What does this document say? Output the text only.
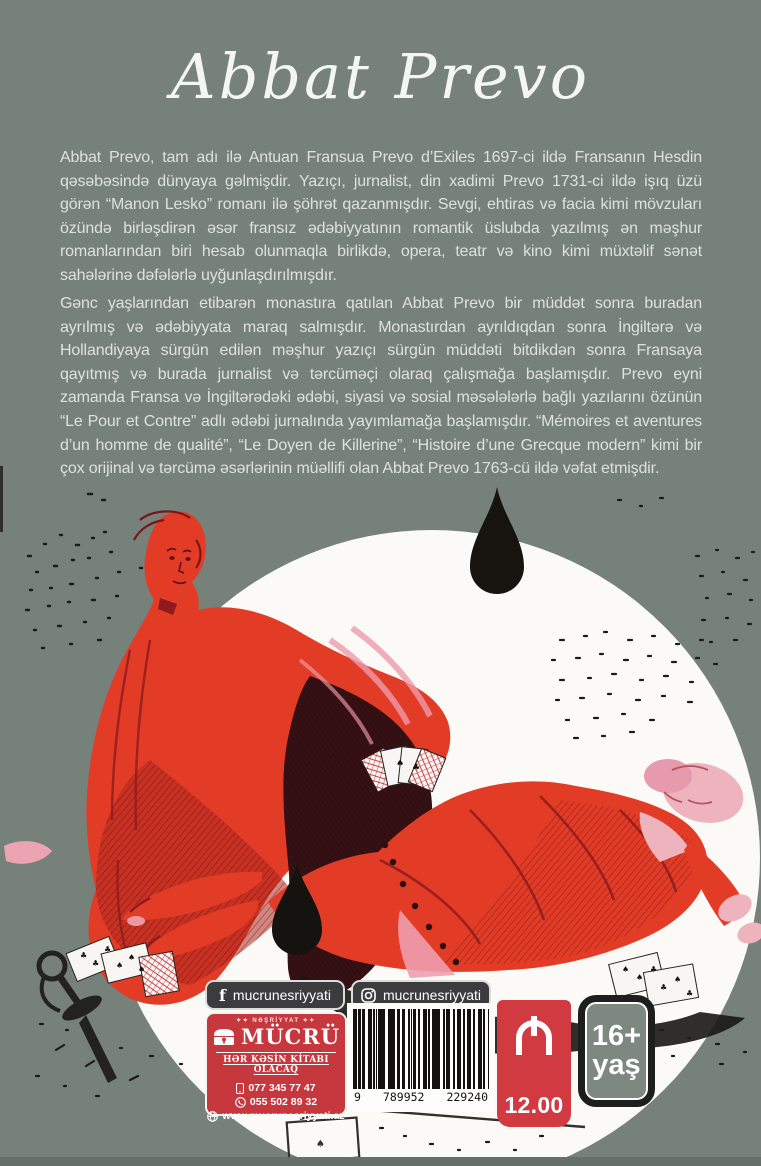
Abbat Prevo
Abbat Prevo, tam adı ilə Antuan Fransua Prevo d’Exiles 1697-ci ildə Fransanın Hesdin qəsəbəsində dünyaya gəlmişdir. Yazıçı, jurnalist, din xadimi Prevo 1731-ci ildə işıq üzü görən “Manon Lesko” romanı ilə şöhrət qazanmışdır. Sevgi, ehtiras və facia kimi mövzuları özündə birləşdirən əsər fransız ədəbiyyatının romantik üslubda yazılmış ən məşhur romanlarından biri hesab olunmaqla birlikdə, opera, teatr və kino kimi müxtəlif sənət sahələrinə dəfələrlə uyğunlaşdırılmışdır.
Gənc yaşlarından etibarən monastıra qatılan Abbat Prevo bir müddət sonra buradan ayrılmış və ədəbiyyata maraq salmışdır. Monastırdan ayrıldıqdan sonra İngiltərə və Hollandiyaya sürgün edilən məşhur yazıçı sürgün müddəti bitdikdən sonra Fransaya qayıtmış və burada jurnalist və tərcüməçi olaraq çalışmağa başlamışdır. Prevo eyni zamanda Fransa və İngiltərədəki ədəbi, siyasi və sosial məsələlərlə bağlı yazılarını özünün “Le Pour et Contre” adlı ədəbi jurnalında yayımlamağa başlamışdır. “Mémoires et aventures d’un homme de qualité”, “Le Doyen de Killerine”, “Histoire d’une Grecque modern” kimi bir çox orijinal və tərcümə əsərlərinin müəllifi olan Abbat Prevo 1763-cü ildə vəfat etmişdir.
♠ ♣
♣
♣
♣
♠
♠
♠	♠
♠
♣
♣
♠
♣
♠
f mucrunesriyyati	mucrunesriyyati
✦✦ NƏŞRİYYAT ✦✦
MÜCRÜ
HƏR KƏSİN KİTABI OLACAQ
077 345 77 47
055 502 89 32
www.mucrunesriyyati.az
9 789952 229240 12.00
16+
yaş
